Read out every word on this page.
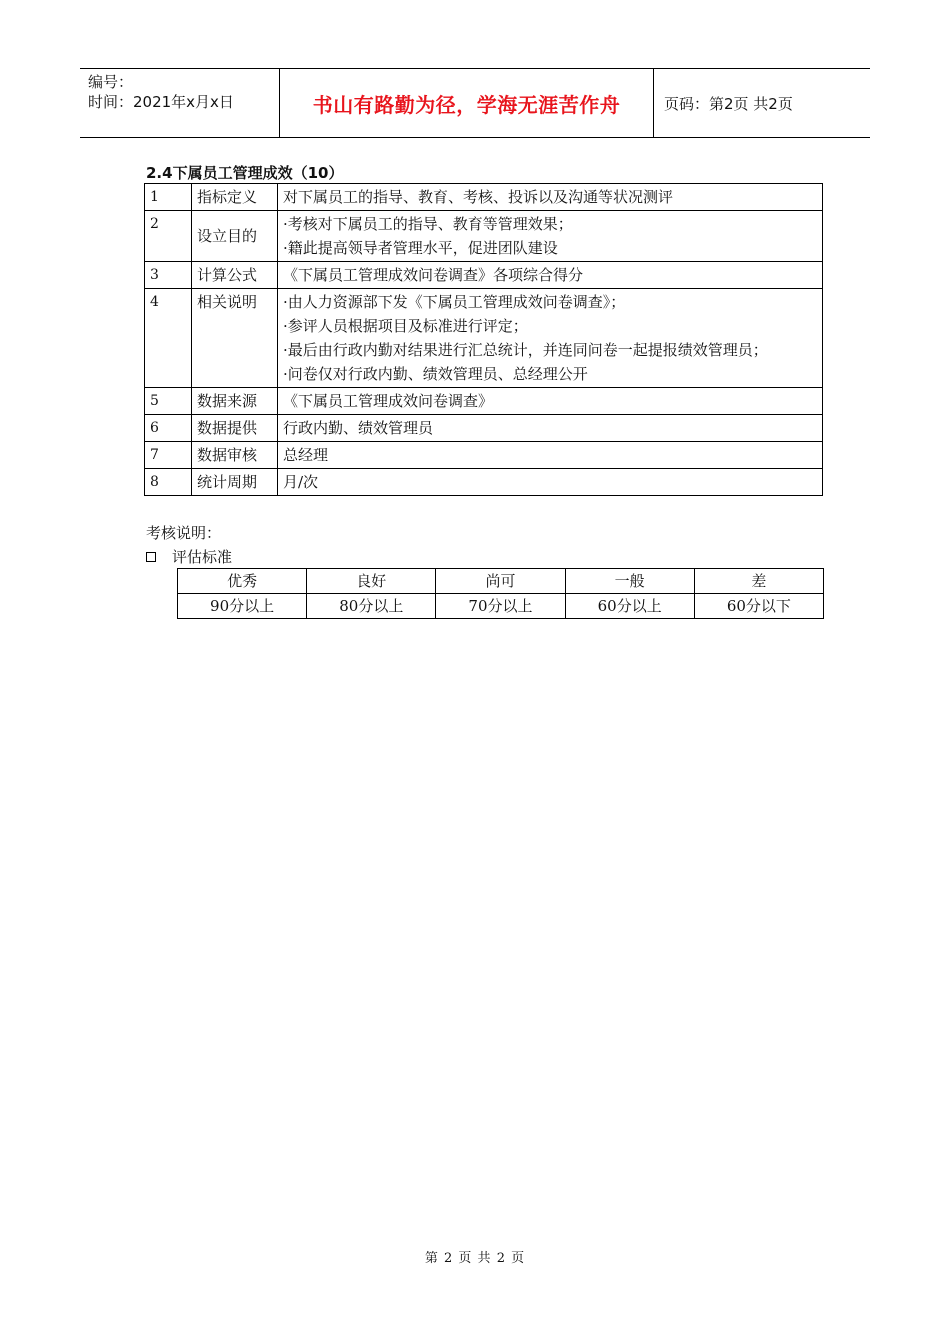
编号：
时间：2021年x月x日	书山有路勤为径，学海无涯苦作舟	页码：第2页 共2页
2.4下属员工管理成效（10）
1	指标定义	对下属员工的指导、教育、考核、投诉以及沟通等状况测评

2	设立目的	·考核对下属员工的指导、教育等管理效果；
·籍此提高领导者管理水平，促进团队建设

3	计算公式	《下属员工管理成效问卷调查》各项综合得分

4	相关说明	·由人力资源部下发《下属员工管理成效问卷调查》；
·参评人员根据项目及标准进行评定；
·最后由行政内勤对结果进行汇总统计，并连同问卷一起提报绩效管理员；
·问卷仅对行政内勤、绩效管理员、总经理公开

5	数据来源	《下属员工管理成效问卷调查》

6	数据提供	行政内勤、绩效管理员

7	数据审核	总经理

8	统计周期	月/次
考核说明：
评估标准
优秀	良好	尚可	一般	差
90分以上	80分以上	70分以上	60分以上	60分以下
第 2 页 共 2 页
